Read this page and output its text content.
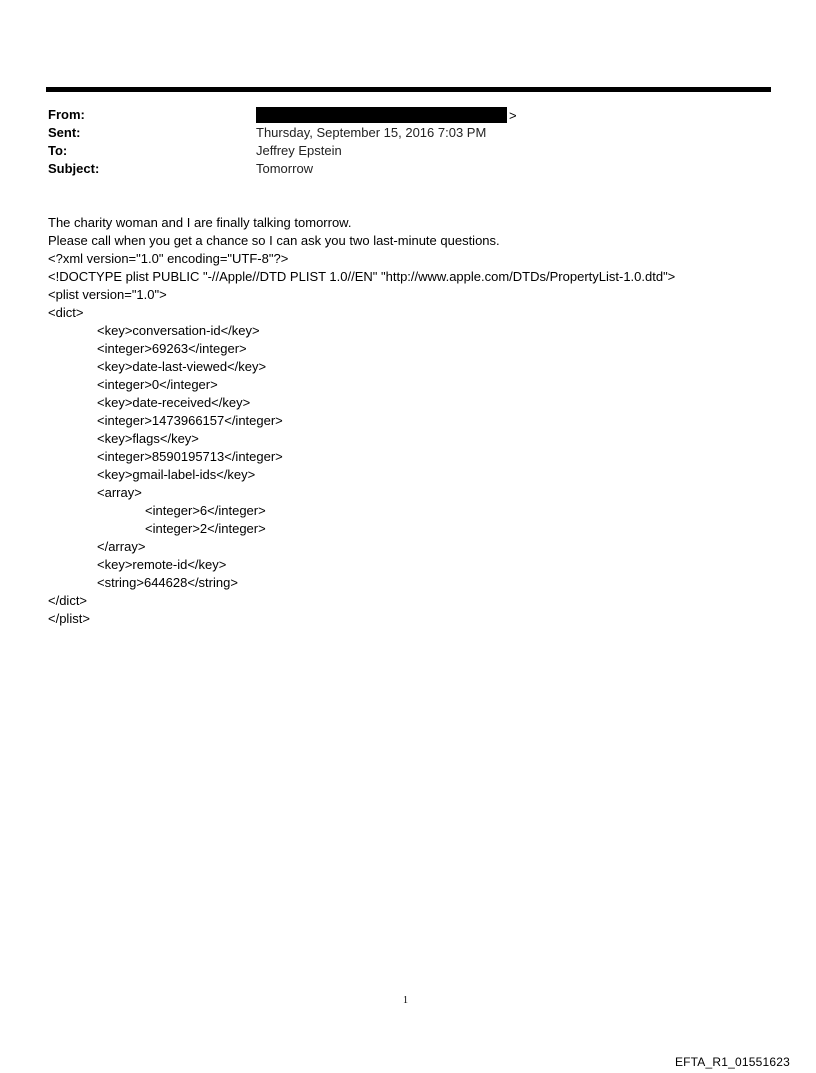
From:	>
Sent:	Thursday, September 15, 2016 7:03 PM
To:	Jeffrey Epstein
Subject:	Tomorrow
The charity woman and I are finally talking tomorrow.
Please call when you get a chance so I can ask you two last-minute questions.
<?xml version="1.0" encoding="UTF-8"?>
<!DOCTYPE plist PUBLIC "-//Apple//DTD PLIST 1.0//EN" "http://www.apple.com/DTDs/PropertyList-1.0.dtd">
<plist version="1.0">
<dict>
<key>conversation-id</key>
<integer>69263</integer>
<key>date-last-viewed</key>
<integer>0</integer>
<key>date-received</key>
<integer>1473966157</integer>
<key>flags</key>
<integer>8590195713</integer>
<key>gmail-label-ids</key>
<array>
<integer>6</integer>
<integer>2</integer>
</array>
<key>remote-id</key>
<string>644628</string>
</dict>
</plist>
1
EFTA_R1_01551623
